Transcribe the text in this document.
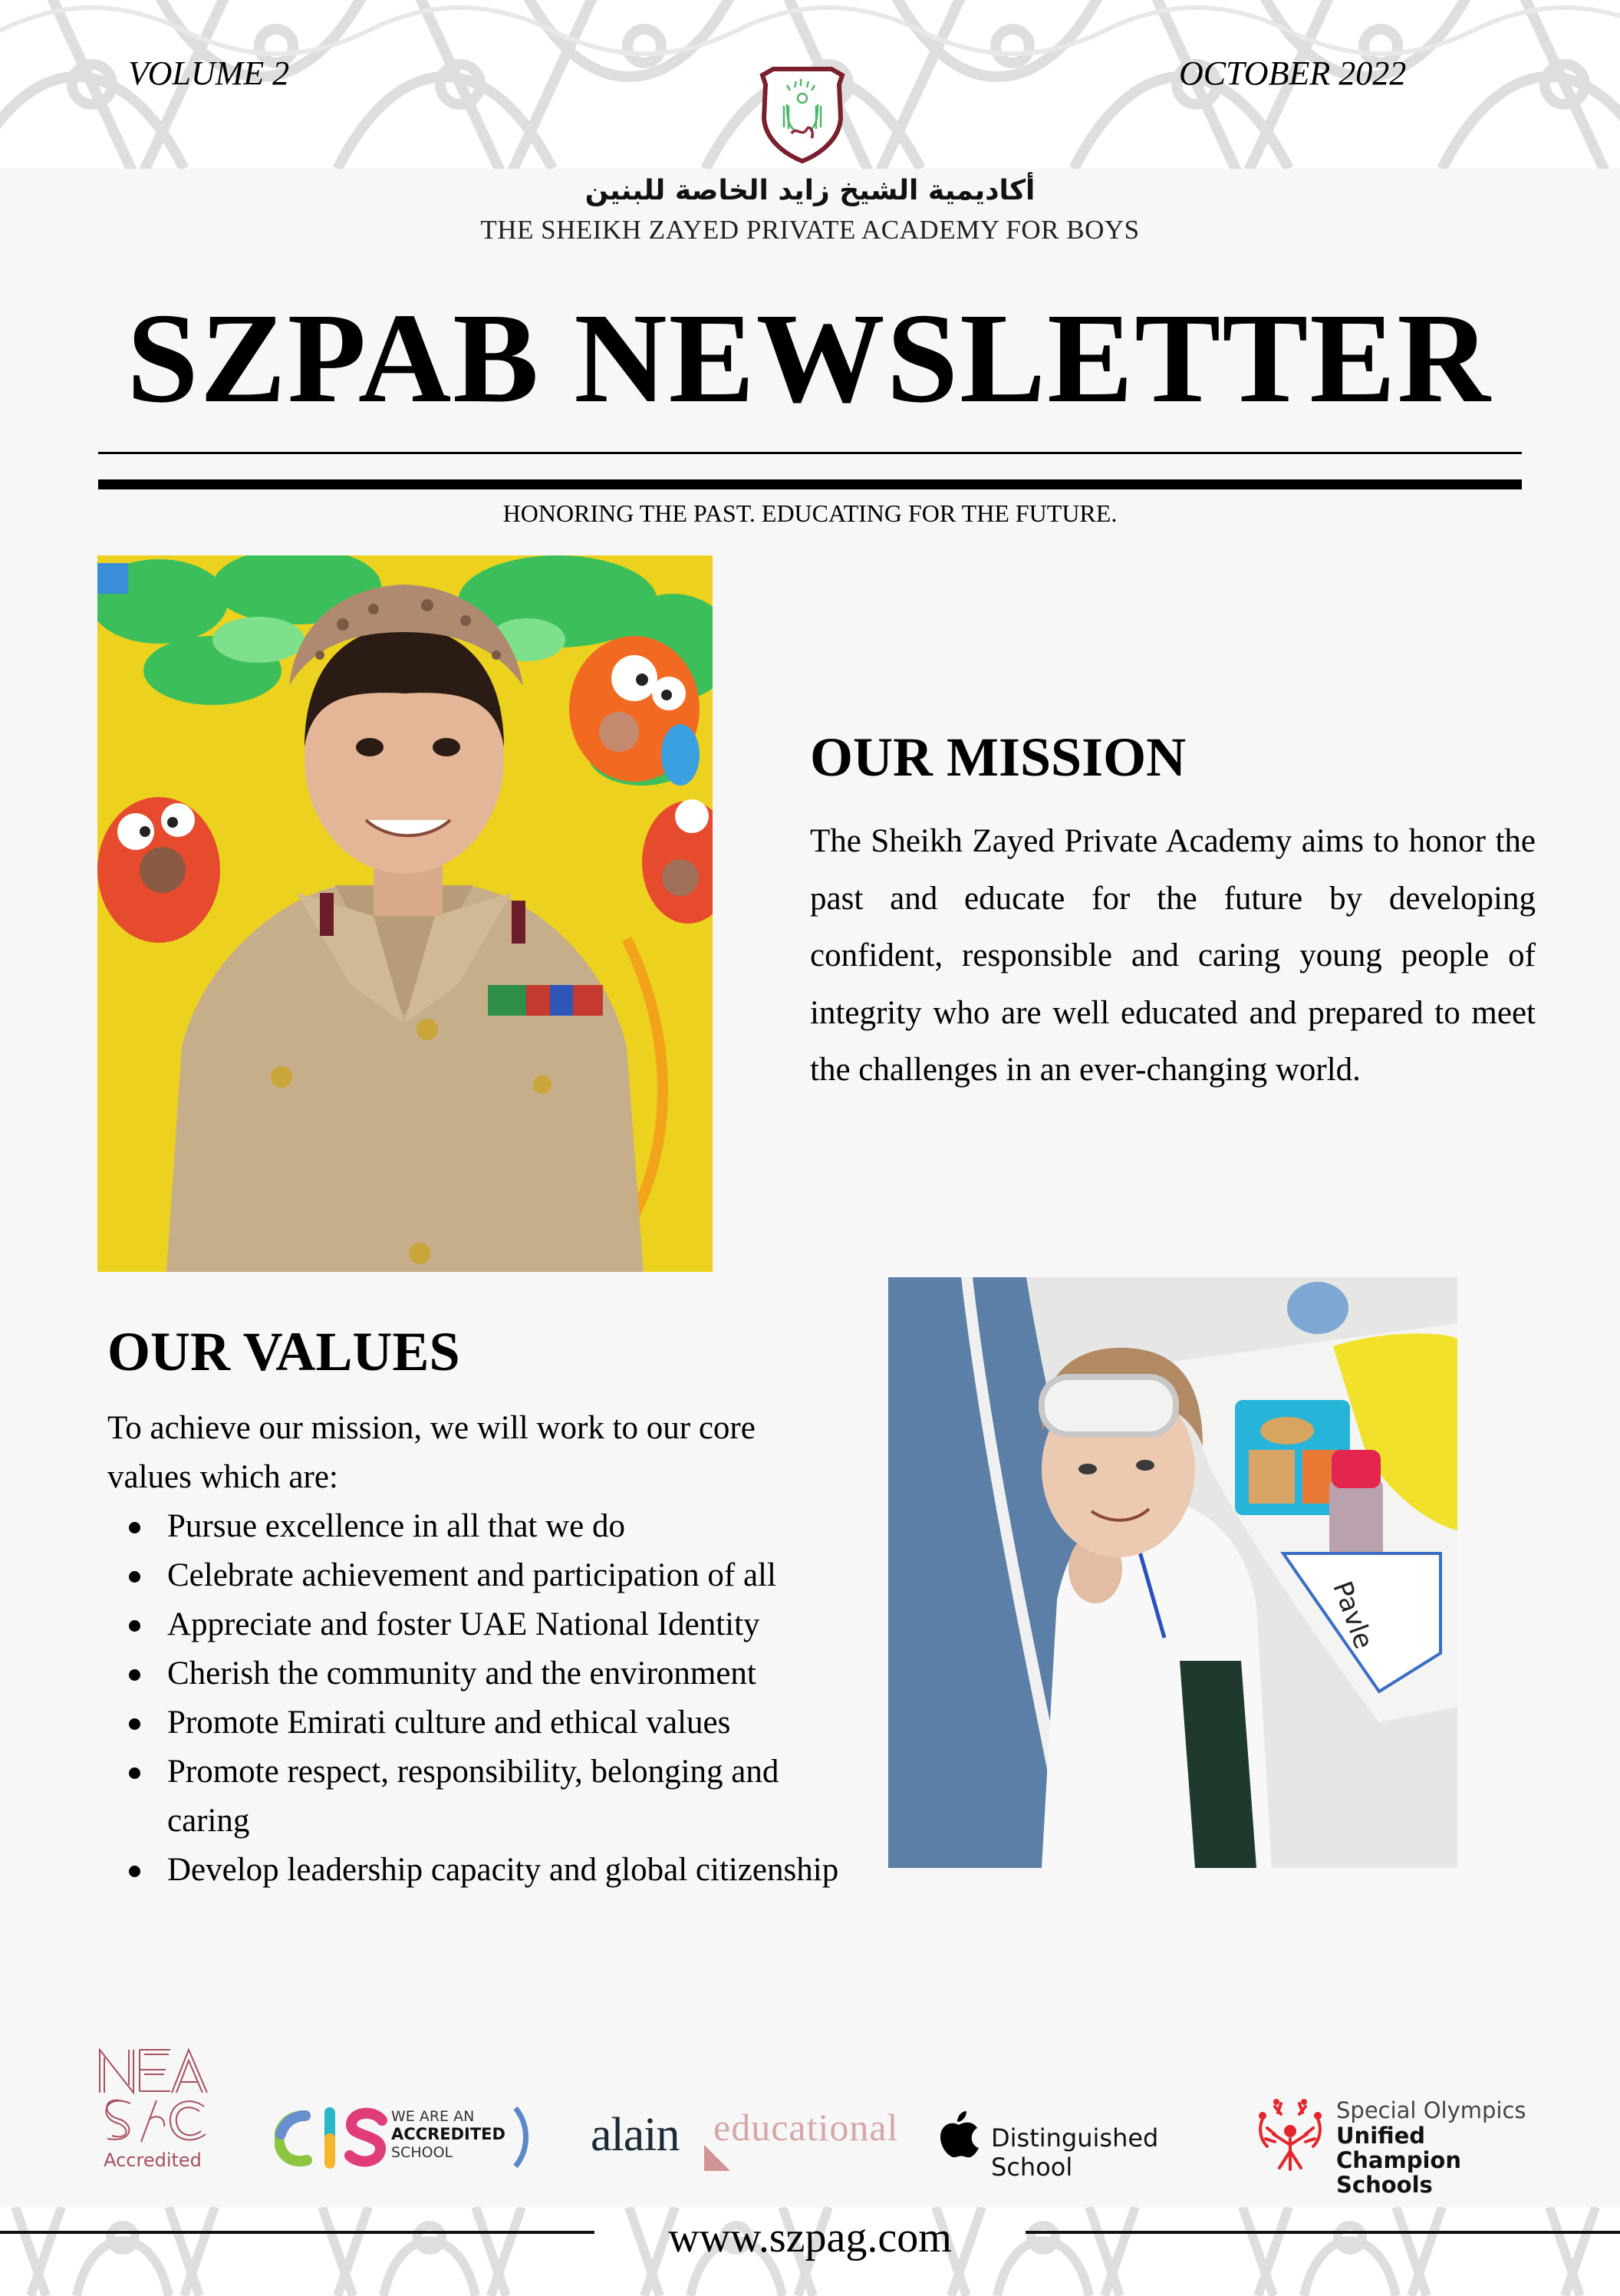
VOLUME 2	OCTOBER 2022
أكاديمية الشيخ زايد الخاصة للبنين
THE SHEIKH ZAYED PRIVATE ACADEMY FOR BOYS
SZPAB NEWSLETTER
HONORING THE PAST. EDUCATING FOR THE FUTURE.
OUR MISSION

The Sheikh Zayed Private Academy aims to honor the past and educate for the future by developing confident, responsible and caring young people of integrity who are well educated and prepared to meet the challenges in an ever-changing world.

OUR VALUES

To achieve our mission, we will work to our core values which are:

Pursue excellence in all that we do
Celebrate achievement and participation of all
Appreciate and foster UAE National Identity
Cherish the community and the environment
Promote Emirati culture and ethical values
Promote respect, responsibility, belonging and caring
Develop leadership capacity and global citizenship
Pavle
Accredited
WE ARE AN
ACCREDITED
SCHOOL	alain educational	Distinguished School
Special Olympics
Unified Champion
Schools
www.szpag.com
